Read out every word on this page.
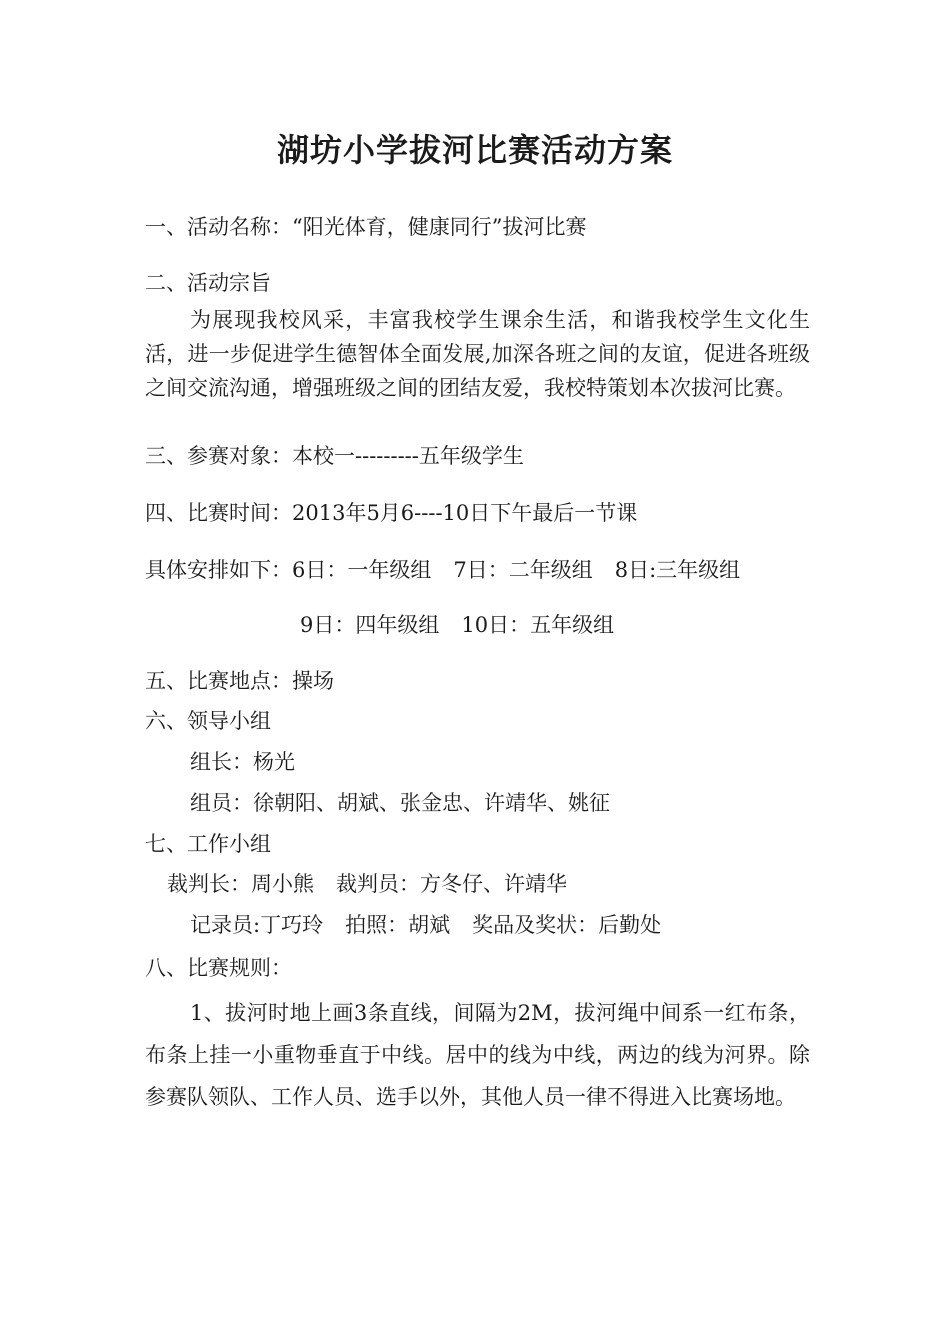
湖坊小学拔河比赛活动方案
一、活动名称：“阳光体育，健康同行”拔河比赛
二、活动宗旨
为展现我校风采，丰富我校学生课余生活，和谐我校学生文化生活，进一步促进学生德智体全面发展,加深各班之间的友谊，促进各班级之间交流沟通，增强班级之间的团结友爱，我校特策划本次拔河比赛。
三、参赛对象：本校一---------五年级学生
四、比赛时间：2013年5月6----10日下午最后一节课
具体安排如下：6日：一年级组 7日：二年级组 8日:三年级组
9日：四年级组 10日：五年级组
五、比赛地点：操场
六、领导小组
组长：杨光
组员：徐朝阳、胡斌、张金忠、许靖华、姚征
七、工作小组
裁判长：周小熊 裁判员：方冬仔、许靖华
记录员:丁巧玲 拍照：胡斌 奖品及奖状：后勤处
八、比赛规则：
1、拔河时地上画3条直线，间隔为2M，拔河绳中间系一红布条，布条上挂一小重物垂直于中线。居中的线为中线，两边的线为河界。除参赛队领队、工作人员、选手以外，其他人员一律不得进入比赛场地。
